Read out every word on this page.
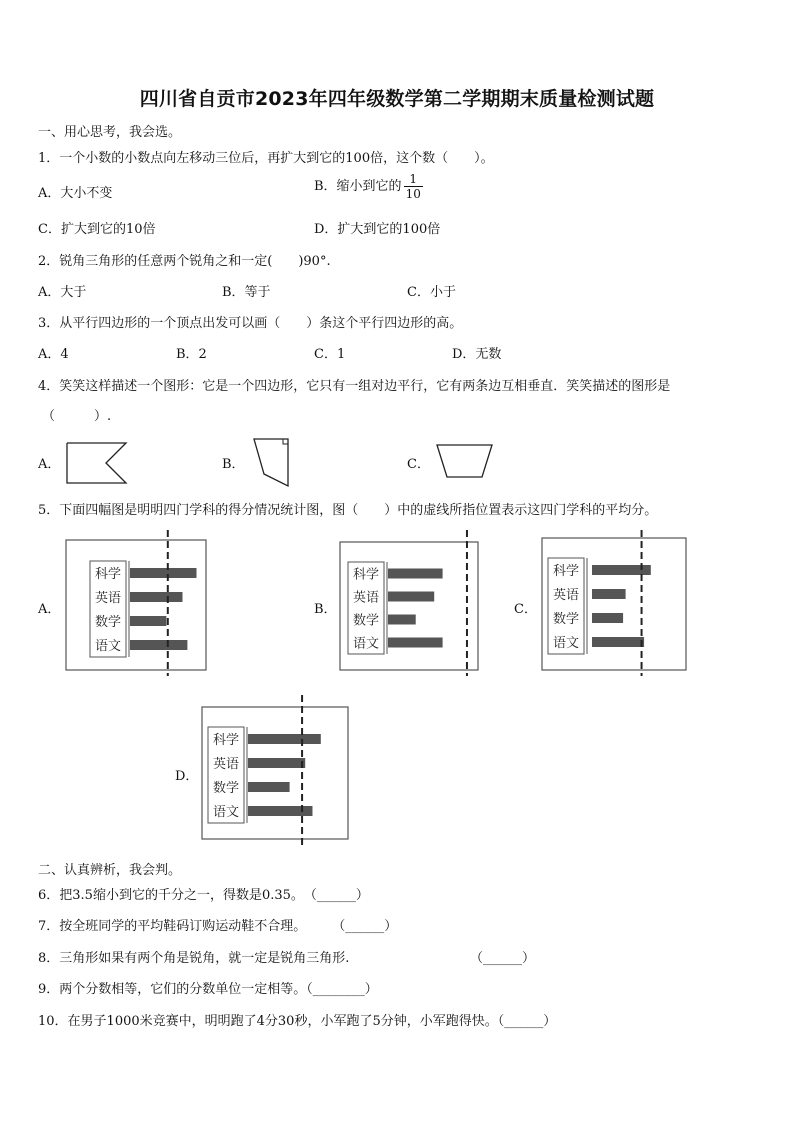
四川省自贡市2023年四年级数学第二学期期末质量检测试题
一、用心思考，我会选。
1．一个小数的小数点向左移动三位后，再扩大到它的100倍，这个数（　　）。
A．大小不变	B．缩小到它的 $\frac{1}{10}$
C．扩大到它的10倍	D．扩大到它的100倍
2．锐角三角形的任意两个锐角之和一定(　　)90°.
A．大于	B．等于	C．小于
3．从平行四边形的一个顶点出发可以画（　　）条这个平行四边形的高。
A．4	B．2	C．1	D．无数
4．笑笑这样描述一个图形：它是一个四边形，它只有一组对边平行，它有两条边互相垂直．笑笑描述的图形是
（　　　）.
A．	B．	C．
5．下面四幅图是明明四门学科的得分情况统计图，图（　　）中的虚线所指位置表示这四门学科的平均分。
A．
科学
英语
数学
语文
B．
科学
英语
数学
语文
C．
科学
英语
数学
语文
D．
科学
英语
数学
语文
二、认真辨析，我会判。
6．把3.5缩小到它的千分之一，得数是0.35。　（______）
7．按全班同学的平均鞋码订购运动鞋不合理。　　　（______）
8．三角形如果有两个角是锐角，就一定是锐角三角形.	（______）
9．两个分数相等，它们的分数单位一定相等。（________）
10．在男子1000米竞赛中，明明跑了4分30秒，小军跑了5分钟，小军跑得快。（______）
